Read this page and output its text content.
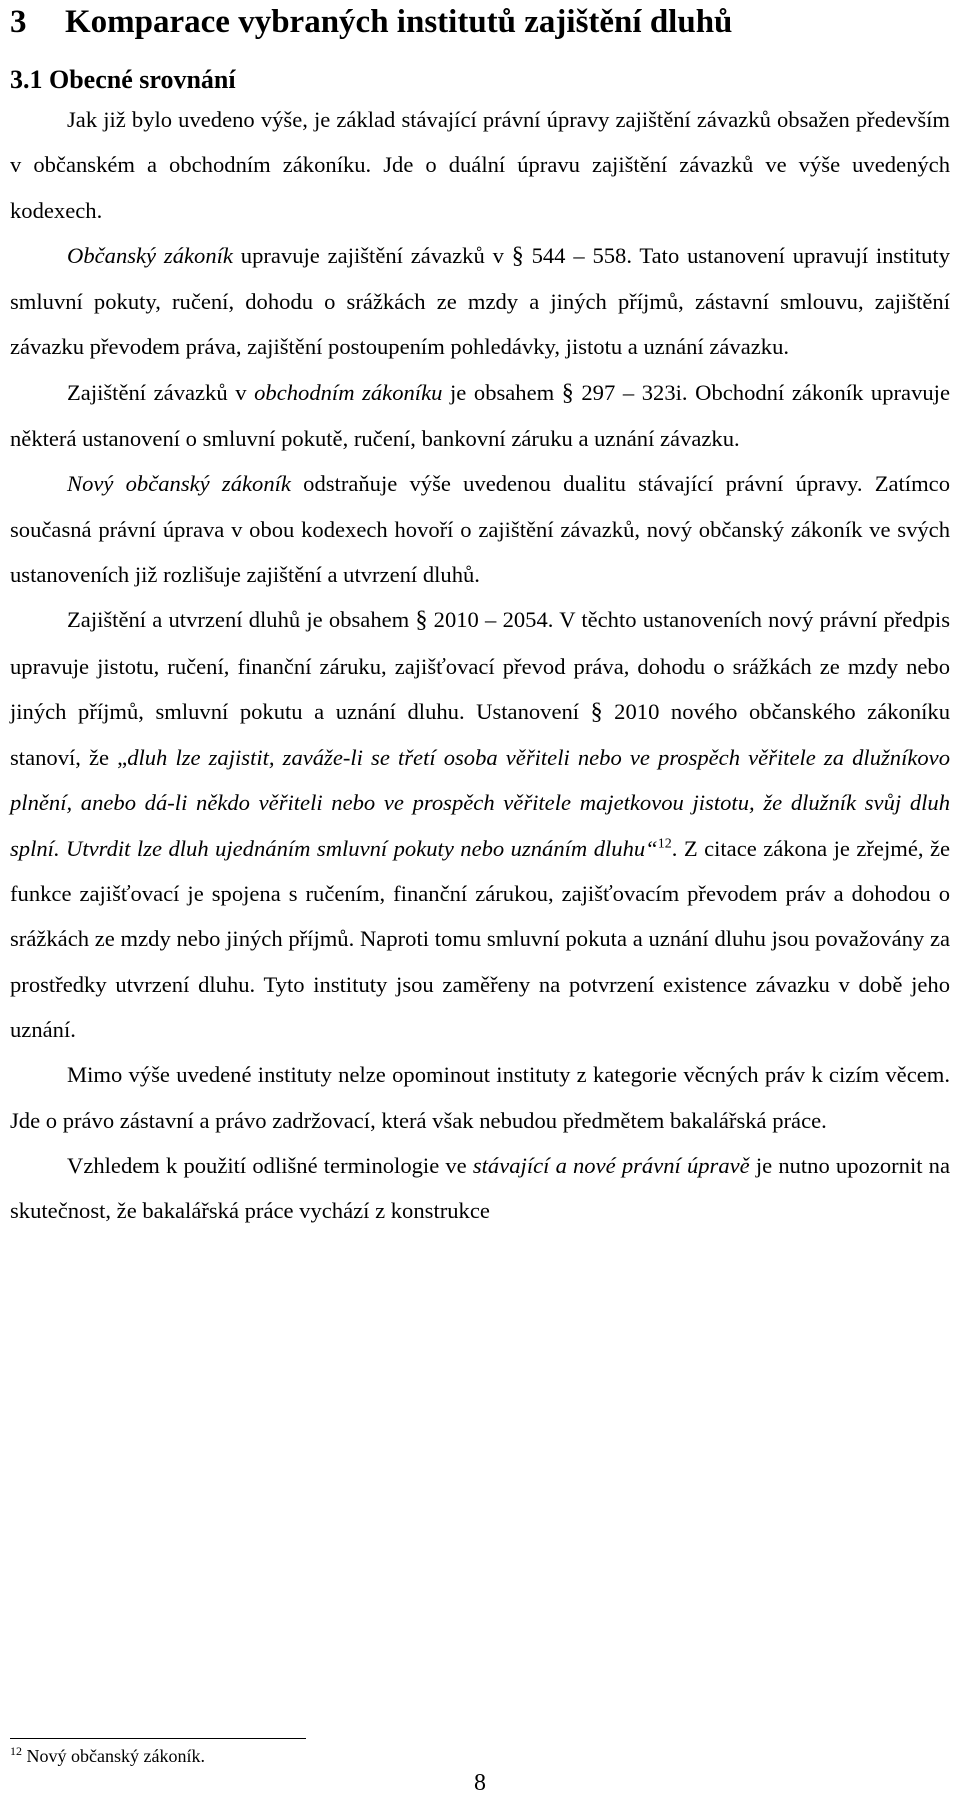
3 Komparace vybraných institutů zajištění dluhů
3.1 Obecné srovnání

Jak již bylo uvedeno výše, je základ stávající právní úpravy zajištění závazků obsažen především v občanském a obchodním zákoníku. Jde o duální úpravu zajištění závazků ve výše uvedených kodexech.

Občanský zákoník upravuje zajištění závazků v § 544 – 558. Tato ustanovení upravují instituty smluvní pokuty, ručení, dohodu o srážkách ze mzdy a jiných příjmů, zástavní smlouvu, zajištění závazku převodem práva, zajištění postoupením pohledávky, jistotu a uznání závazku.

Zajištění závazků v obchodním zákoníku je obsahem § 297 – 323i. Obchodní zákoník upravuje některá ustanovení o smluvní pokutě, ručení, bankovní záruku a uznání závazku.

Nový občanský zákoník odstraňuje výše uvedenou dualitu stávající právní úpravy. Zatímco současná právní úprava v obou kodexech hovoří o zajištění závazků, nový občanský zákoník ve svých ustanoveních již rozlišuje zajištění a utvrzení dluhů.

Zajištění a utvrzení dluhů je obsahem § 2010 – 2054. V těchto ustanoveních nový právní předpis upravuje jistotu, ručení, finanční záruku, zajišťovací převod práva, dohodu o srážkách ze mzdy nebo jiných příjmů, smluvní pokutu a uznání dluhu. Ustanovení § 2010 nového občanského zákoníku stanoví, že „dluh lze zajistit, zaváže-li se třetí osoba věřiteli nebo ve prospěch věřitele za dlužníkovo plnění, anebo dá-li někdo věřiteli nebo ve prospěch věřitele majetkovou jistotu, že dlužník svůj dluh splní. Utvrdit lze dluh ujednáním smluvní pokuty nebo uznáním dluhu“$^{12}$. Z citace zákona je zřejmé, že funkce zajišťovací je spojena s ručením, finanční zárukou, zajišťovacím převodem práv a dohodou o srážkách ze mzdy nebo jiných příjmů. Naproti tomu smluvní pokuta a uznání dluhu jsou považovány za prostředky utvrzení dluhu. Tyto instituty jsou zaměřeny na potvrzení existence závazku v době jeho uznání.

Mimo výše uvedené instituty nelze opominout instituty z kategorie věcných práv k cizím věcem. Jde o právo zástavní a právo zadržovací, která však nebudou předmětem bakalářská práce.

Vzhledem k použití odlišné terminologie ve stávající a nové právní úpravě je nutno upozornit na skutečnost, že bakalářská práce vychází z konstrukce

$^{12}$ Nový občanský zákoník.
8
